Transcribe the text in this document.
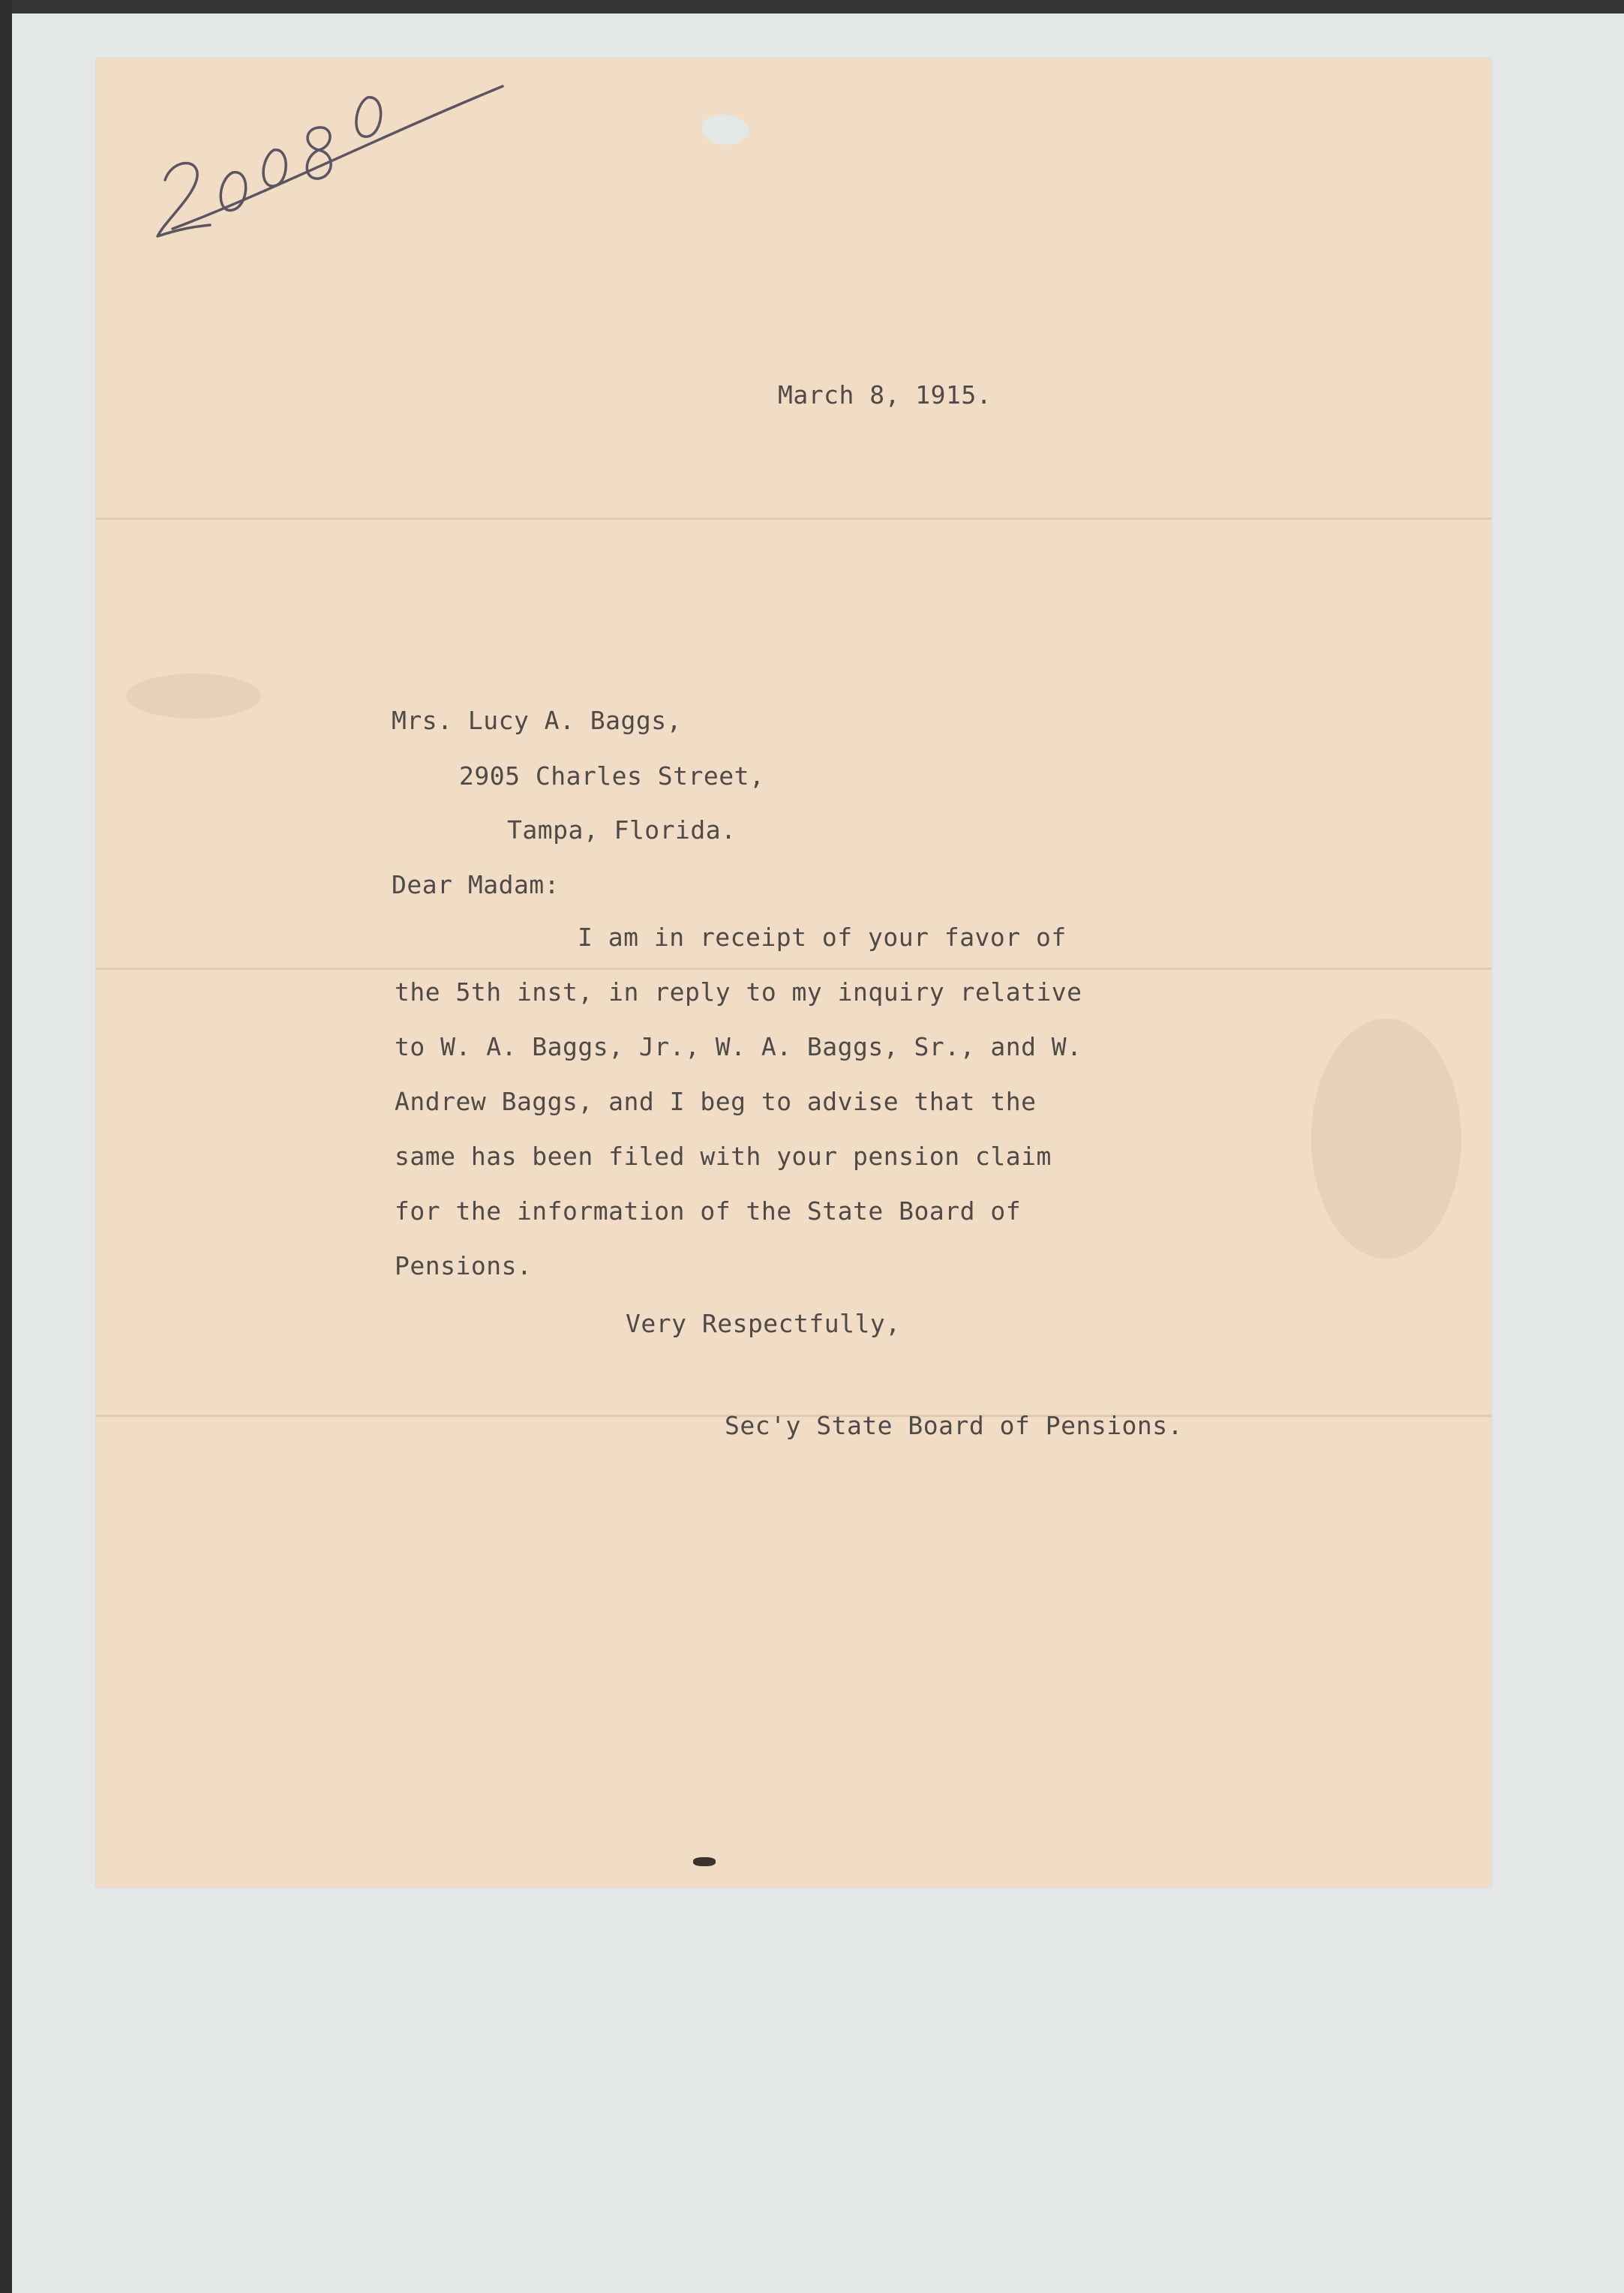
March 8, 1915.
Mrs. Lucy A. Baggs,
2905 Charles Street,
Tampa, Florida.
Dear Madam:
I am in receipt of your favor of
the 5th inst, in reply to my inquiry relative
to W. A. Baggs, Jr., W. A. Baggs, Sr., and W.
Andrew Baggs, and I beg to advise that the
same has been filed with your pension claim
for the information of the State Board of
Pensions.
Very Respectfully,
Sec'y State Board of Pensions.
